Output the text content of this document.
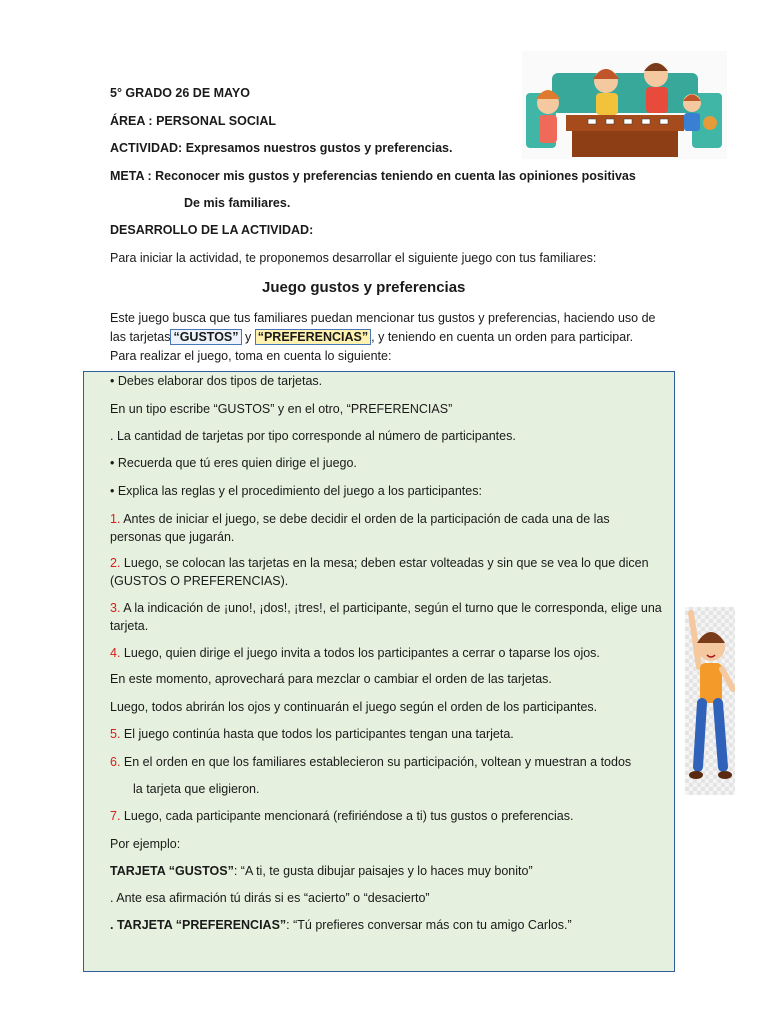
5° GRADO 26 DE MAYO
ÁREA : PERSONAL SOCIAL
ACTIVIDAD: Expresamos nuestros gustos y preferencias.
META : Reconocer mis gustos y preferencias teniendo en cuenta las opiniones positivas
De mis familiares.
DESARROLLO DE LA ACTIVIDAD:
Para iniciar la actividad, te proponemos desarrollar el siguiente juego con tus familiares:
Juego gustos y preferencias
Este juego busca que tus familiares puedan mencionar tus gustos y preferencias, haciendo uso de las tarjetas “GUSTOS” y “PREFERENCIAS” , y teniendo en cuenta un orden para participar.
Para realizar el juego, toma en cuenta lo siguiente:
• Debes elaborar dos tipos de tarjetas.
En un tipo escribe “GUSTOS” y en el otro, “PREFERENCIAS”
. La cantidad de tarjetas por tipo corresponde al número de participantes.
• Recuerda que tú eres quien dirige el juego.
• Explica las reglas y el procedimiento del juego a los participantes:
1. Antes de iniciar el juego, se debe decidir el orden de la participación de cada una de las personas que jugarán.
2. Luego, se colocan las tarjetas en la mesa; deben estar volteadas y sin que se vea lo que dicen (GUSTOS O PREFERENCIAS).
3. A la indicación de ¡uno!, ¡dos!, ¡tres!, el participante, según el turno que le corresponda, elige una tarjeta.
4. Luego, quien dirige el juego invita a todos los participantes a cerrar o taparse los ojos.
En este momento, aprovechará para mezclar o cambiar el orden de las tarjetas.
Luego, todos abrirán los ojos y continuarán el juego según el orden de los participantes.
5. El juego continúa hasta que todos los participantes tengan una tarjeta.
6. En el orden en que los familiares establecieron su participación, voltean y muestran a todos
la tarjeta que eligieron.
7. Luego, cada participante mencionará (refiriéndose a ti) tus gustos o preferencias.
Por ejemplo:
TARJETA “GUSTOS”: “A ti, te gusta dibujar paisajes y lo haces muy bonito”
. Ante esa afirmación tú dirás si es “acierto” o “desacierto”
. TARJETA “PREFERENCIAS”: “Tú prefieres conversar más con tu amigo Carlos.”
